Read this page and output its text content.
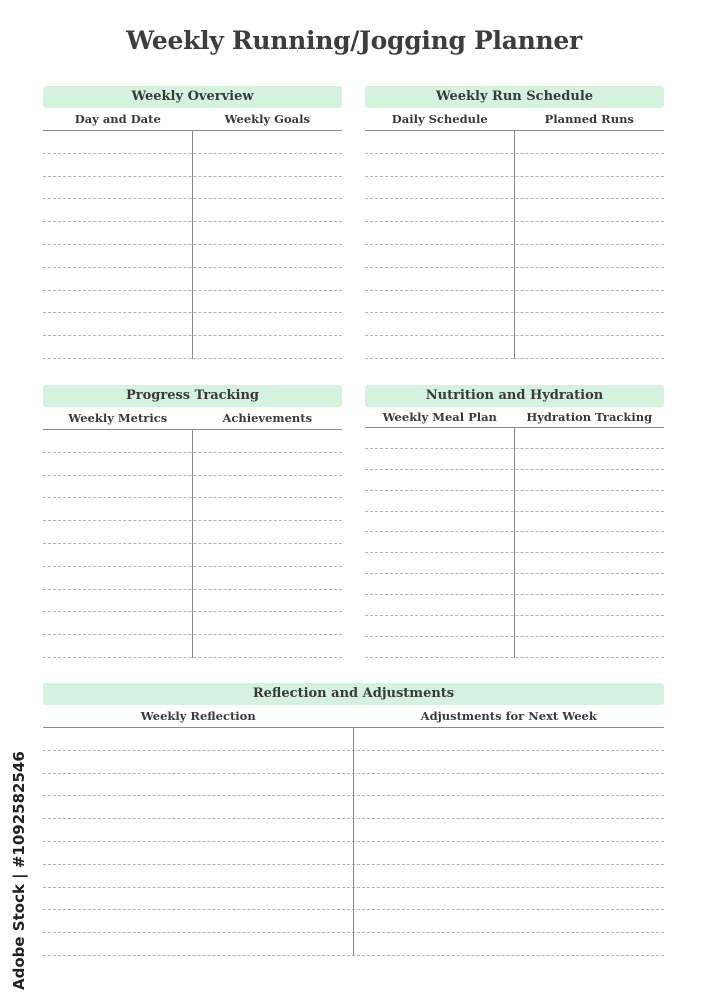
Weekly Running/Jogging Planner
Weekly Overview
Day and Date	Weekly Goals
Weekly Run Schedule
Daily Schedule	Planned Runs
Progress Tracking
Weekly Metrics	Achievements
Nutrition and Hydration
Weekly Meal Plan	Hydration Tracking
Reflection and Adjustments
Weekly Reflection	Adjustments for Next Week
Adobe Stock | #1092582546
